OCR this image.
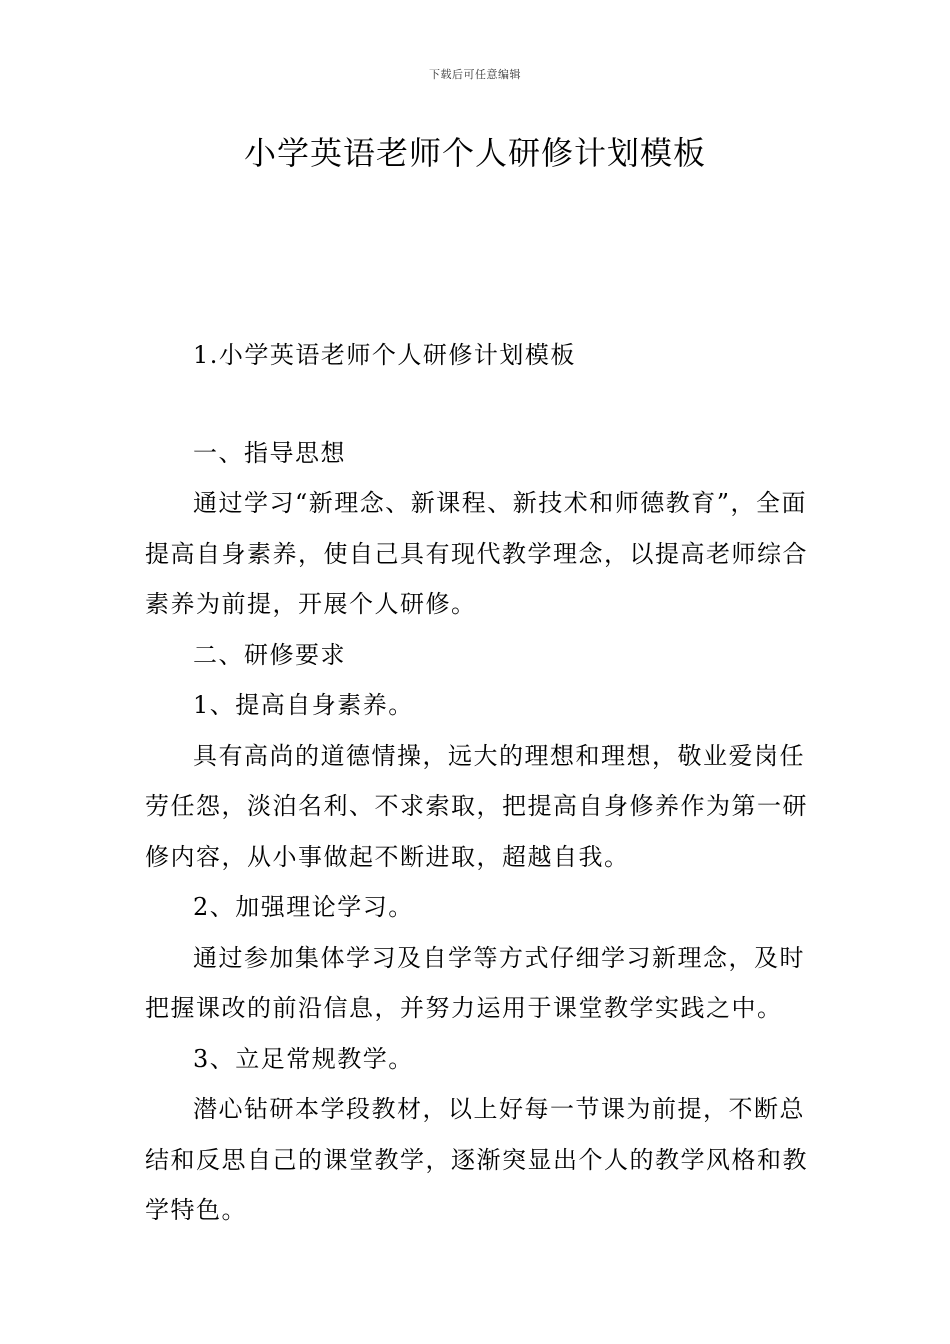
下载后可任意编辑
小学英语老师个人研修计划模板

1.小学英语老师个人研修计划模板

一、指导思想

通过学习“新理念、新课程、新技术和师德教育”，全面提高自身素养，使自己具有现代教学理念，以提高老师综合素养为前提，开展个人研修。

二、研修要求

1、提高自身素养。

具有高尚的道德情操，远大的理想和理想，敬业爱岗任劳任怨，淡泊名利、不求索取，把提高自身修养作为第一研修内容，从小事做起不断进取，超越自我。

2、加强理论学习。

通过参加集体学习及自学等方式仔细学习新理念，及时把握课改的前沿信息，并努力运用于课堂教学实践之中。

3、立足常规教学。

潜心钻研本学段教材，以上好每一节课为前提，不断总结和反思自己的课堂教学，逐渐突显出个人的教学风格和教学特色。
